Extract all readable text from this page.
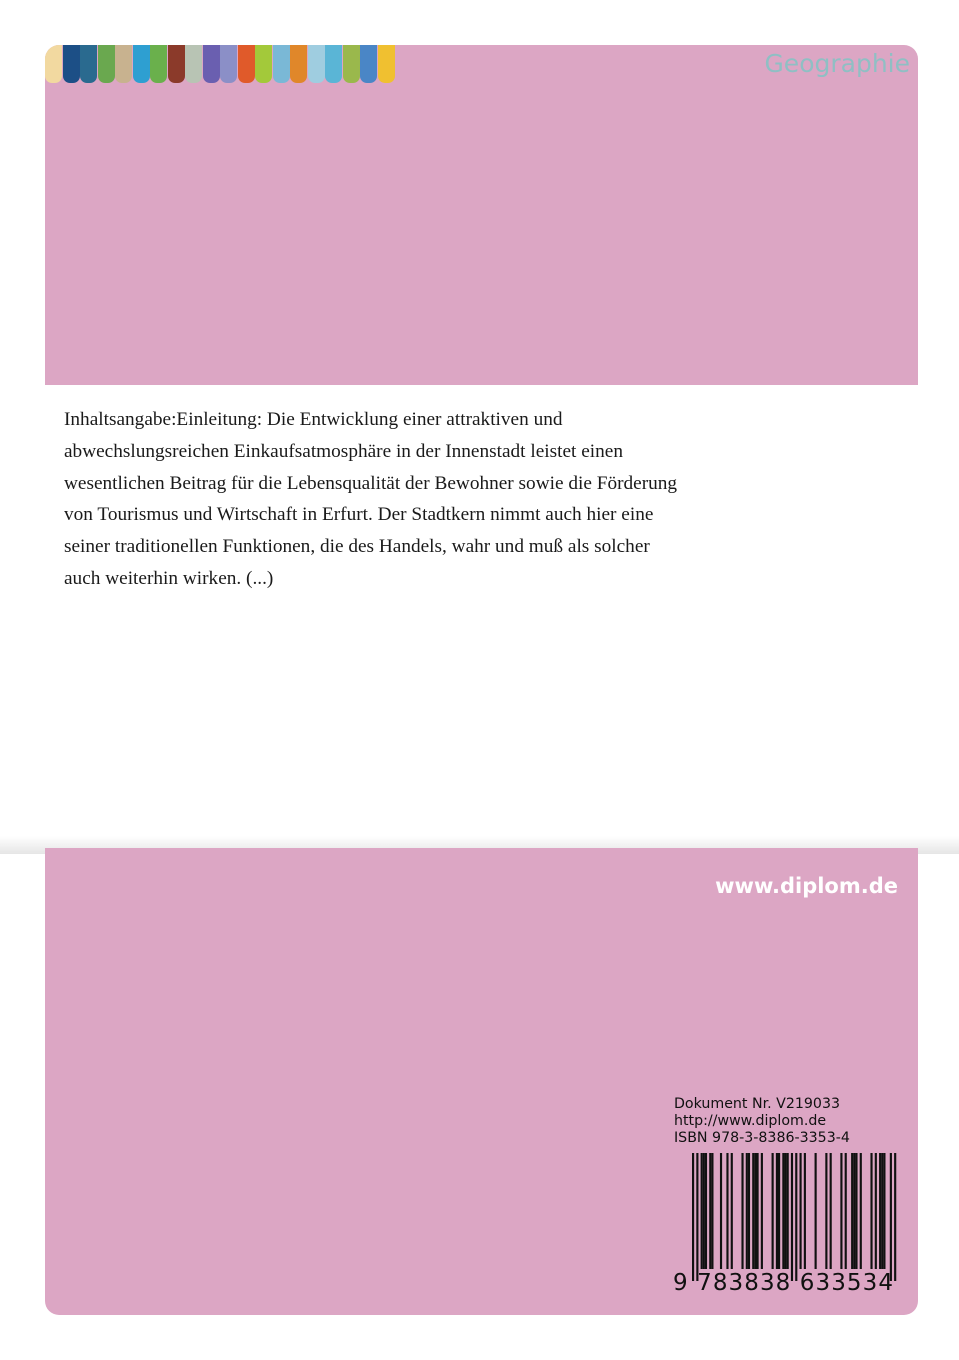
Geographie
Inhaltsangabe:Einleitung: Die Entwicklung einer attraktiven und
abwechslungsreichen Einkaufsatmosphäre in der Innenstadt leistet einen
wesentlichen Beitrag für die Lebensqualität der Bewohner sowie die Förderung
von Tourismus und Wirtschaft in Erfurt. Der Stadtkern nimmt auch hier eine
seiner traditionellen Funktionen, die des Handels, wahr und muß als solcher
auch weiterhin wirken. (...)
www.diplom.de
Dokument Nr. V219033
http://www.diplom.de
ISBN 978-3-8386-3353-4
9 783838 633534
